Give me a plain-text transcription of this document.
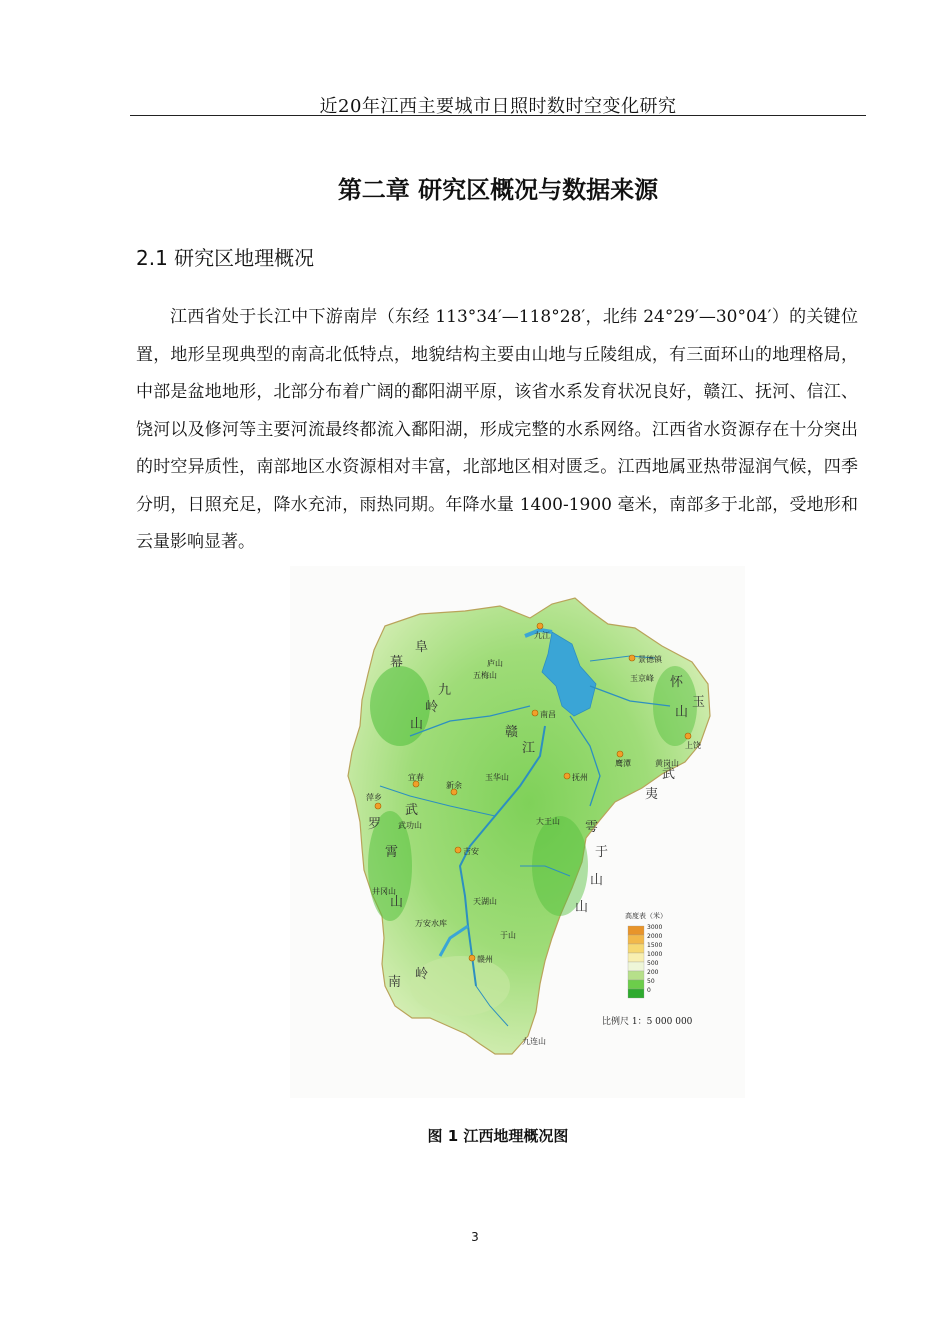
近20年江西主要城市日照时数时空变化研究
第二章 研究区概况与数据来源
2.1 研究区地理概况
江西省处于长江中下游南岸（东经 113°34′—118°28′，北纬 24°29′—30°04′）的关键位置，地形呈现典型的南高北低特点，地貌结构主要由山地与丘陵组成，有三面环山的地理格局，中部是盆地地形，北部分布着广阔的鄱阳湖平原，该省水系发育状况良好，赣江、抚河、信江、饶河以及修河等主要河流最终都流入鄱阳湖，形成完整的水系网络。江西省水资源存在十分突出的时空异质性，南部地区水资源相对丰富，北部地区相对匮乏。江西地属亚热带湿润气候，四季分明，日照充足，降水充沛，雨热同期。年降水量 1400-1900 毫米，南部多于北部，受地形和云量影响显著。
九江
景德镇
南昌
上饶
鹰潭
抚州
宜春
新余
萍乡
吉安
赣州
幕
阜
九
岭
山
怀
玉
山
武
夷
武
罗
霄
山
雩
山
南
岭
赣
江
于
山
庐山
五梅山	玉京峰
黄岗山
武功山
玉华山
大王山
井冈山
天湖山
于山
九连山
万安水库
高度表（米）
3000
2000
1500
1000
500
200
50
0
比例尺 1：5 000 000
图 1 江西地理概况图
3
